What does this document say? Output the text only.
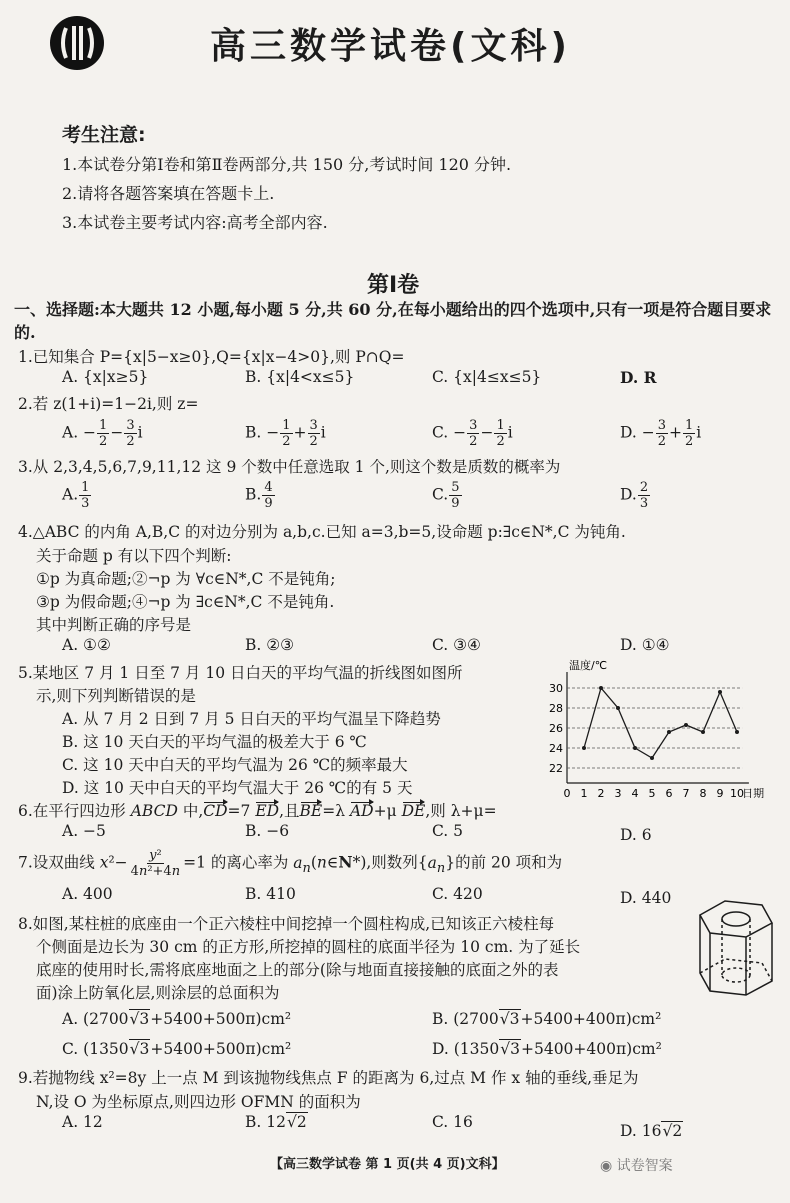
高三数学试卷(文科)
考生注意:
1.本试卷分第Ⅰ卷和第Ⅱ卷两部分,共 150 分,考试时间 120 分钟.
2.请将各题答案填在答题卡上.
3.本试卷主要考试内容:高考全部内容.
第Ⅰ卷
一、选择题:本大题共 12 小题,每小题 5 分,共 60 分,在每小题给出的四个选项中,只有一项是符合题目要求的.
1.已知集合 P={x|5−x≥0},Q={x|x−4>0},则 P∩Q=
A. {x|x≥5}	B. {x|4<x≤5}	C. {x|4≤x≤5}	D. R
2.若 z(1+i)=1−2i,则 z=
A. − $\frac{1}{2} - \frac{3}{2}$ i	B. − $\frac{1}{2} + \frac{3}{2}$ i	C. − $\frac{3}{2} - \frac{1}{2}$ i	D. − $\frac{3}{2} + \frac{1}{2}$ i
3.从 2,3,4,5,6,7,9,11,12 这 9 个数中任意选取 1 个,则这个数是质数的概率为
A. $\frac{1}{3}$	B. $\frac{4}{9}$	C. $\frac{5}{9}$	D. $\frac{2}{3}$
4.△ABC 的内角 A,B,C 的对边分别为 a,b,c.已知 a=3,b=5,设命题 p:∃c∈N*,C 为钝角.
关于命题 p 有以下四个判断:
①p 为真命题;②¬p 为 ∀c∈N*,C 不是钝角;
③p 为假命题;④¬p 为 ∃c∈N*,C 不是钝角.
其中判断正确的序号是
A. ①②	B. ②③	C. ③④	D. ①④
5.某地区 7 月 1 日至 7 月 10 日白天的平均气温的折线图如图所
示,则下列判断错误的是
A. 从 7 月 2 日到 7 月 5 日白天的平均气温呈下降趋势
B. 这 10 天白天的平均气温的极差大于 6 ℃
C. 这 10 天中白天的平均气温为 26 ℃的频率最大
D. 这 10 天中白天的平均气温大于 26 ℃的有 5 天
22
24
26
28
30
0 1 2 3 4 5 6 7 8 9 10
温度/℃
日期
6.在平行四边形 ABCD 中,CD=7 ED,且BE=λ AD+μ DE,则 λ+μ=
A. −5	B. −6	C. 5	D. 6
7.设双曲线 $x^2- \frac{\text{y²}}{\text{4n²+4n}} =1$ 的离心率为 $a_n(n\in N*)$,则数列$\{a_n\}$的前 20 项和为
A. 400	B. 410	C. 420	D. 440
8.如图,某柱桩的底座由一个正六棱柱中间挖掉一个圆柱构成,已知该正六棱柱每
个侧面是边长为 30 cm 的正方形,所挖掉的圆柱的底面半径为 10 cm. 为了延长
底座的使用时长,需将底座地面之上的部分(除与地面直接接触的底面之外的表
面)涂上防氧化层,则涂层的总面积为
A. (2700√3+5400+500π)cm²	B. (2700√3+5400+400π)cm²
C. (1350√3+5400+500π)cm²	D. (1350√3+5400+400π)cm²
9.若抛物线 x²=8y 上一点 M 到该抛物线焦点 F 的距离为 6,过点 M 作 x 轴的垂线,垂足为
N,设 O 为坐标原点,则四边形 OFMN 的面积为
A. 12	B. 12√2	C. 16	D. 16√2
【高三数学试卷 第 1 页(共 4 页)文科】	◉ 试卷智案
